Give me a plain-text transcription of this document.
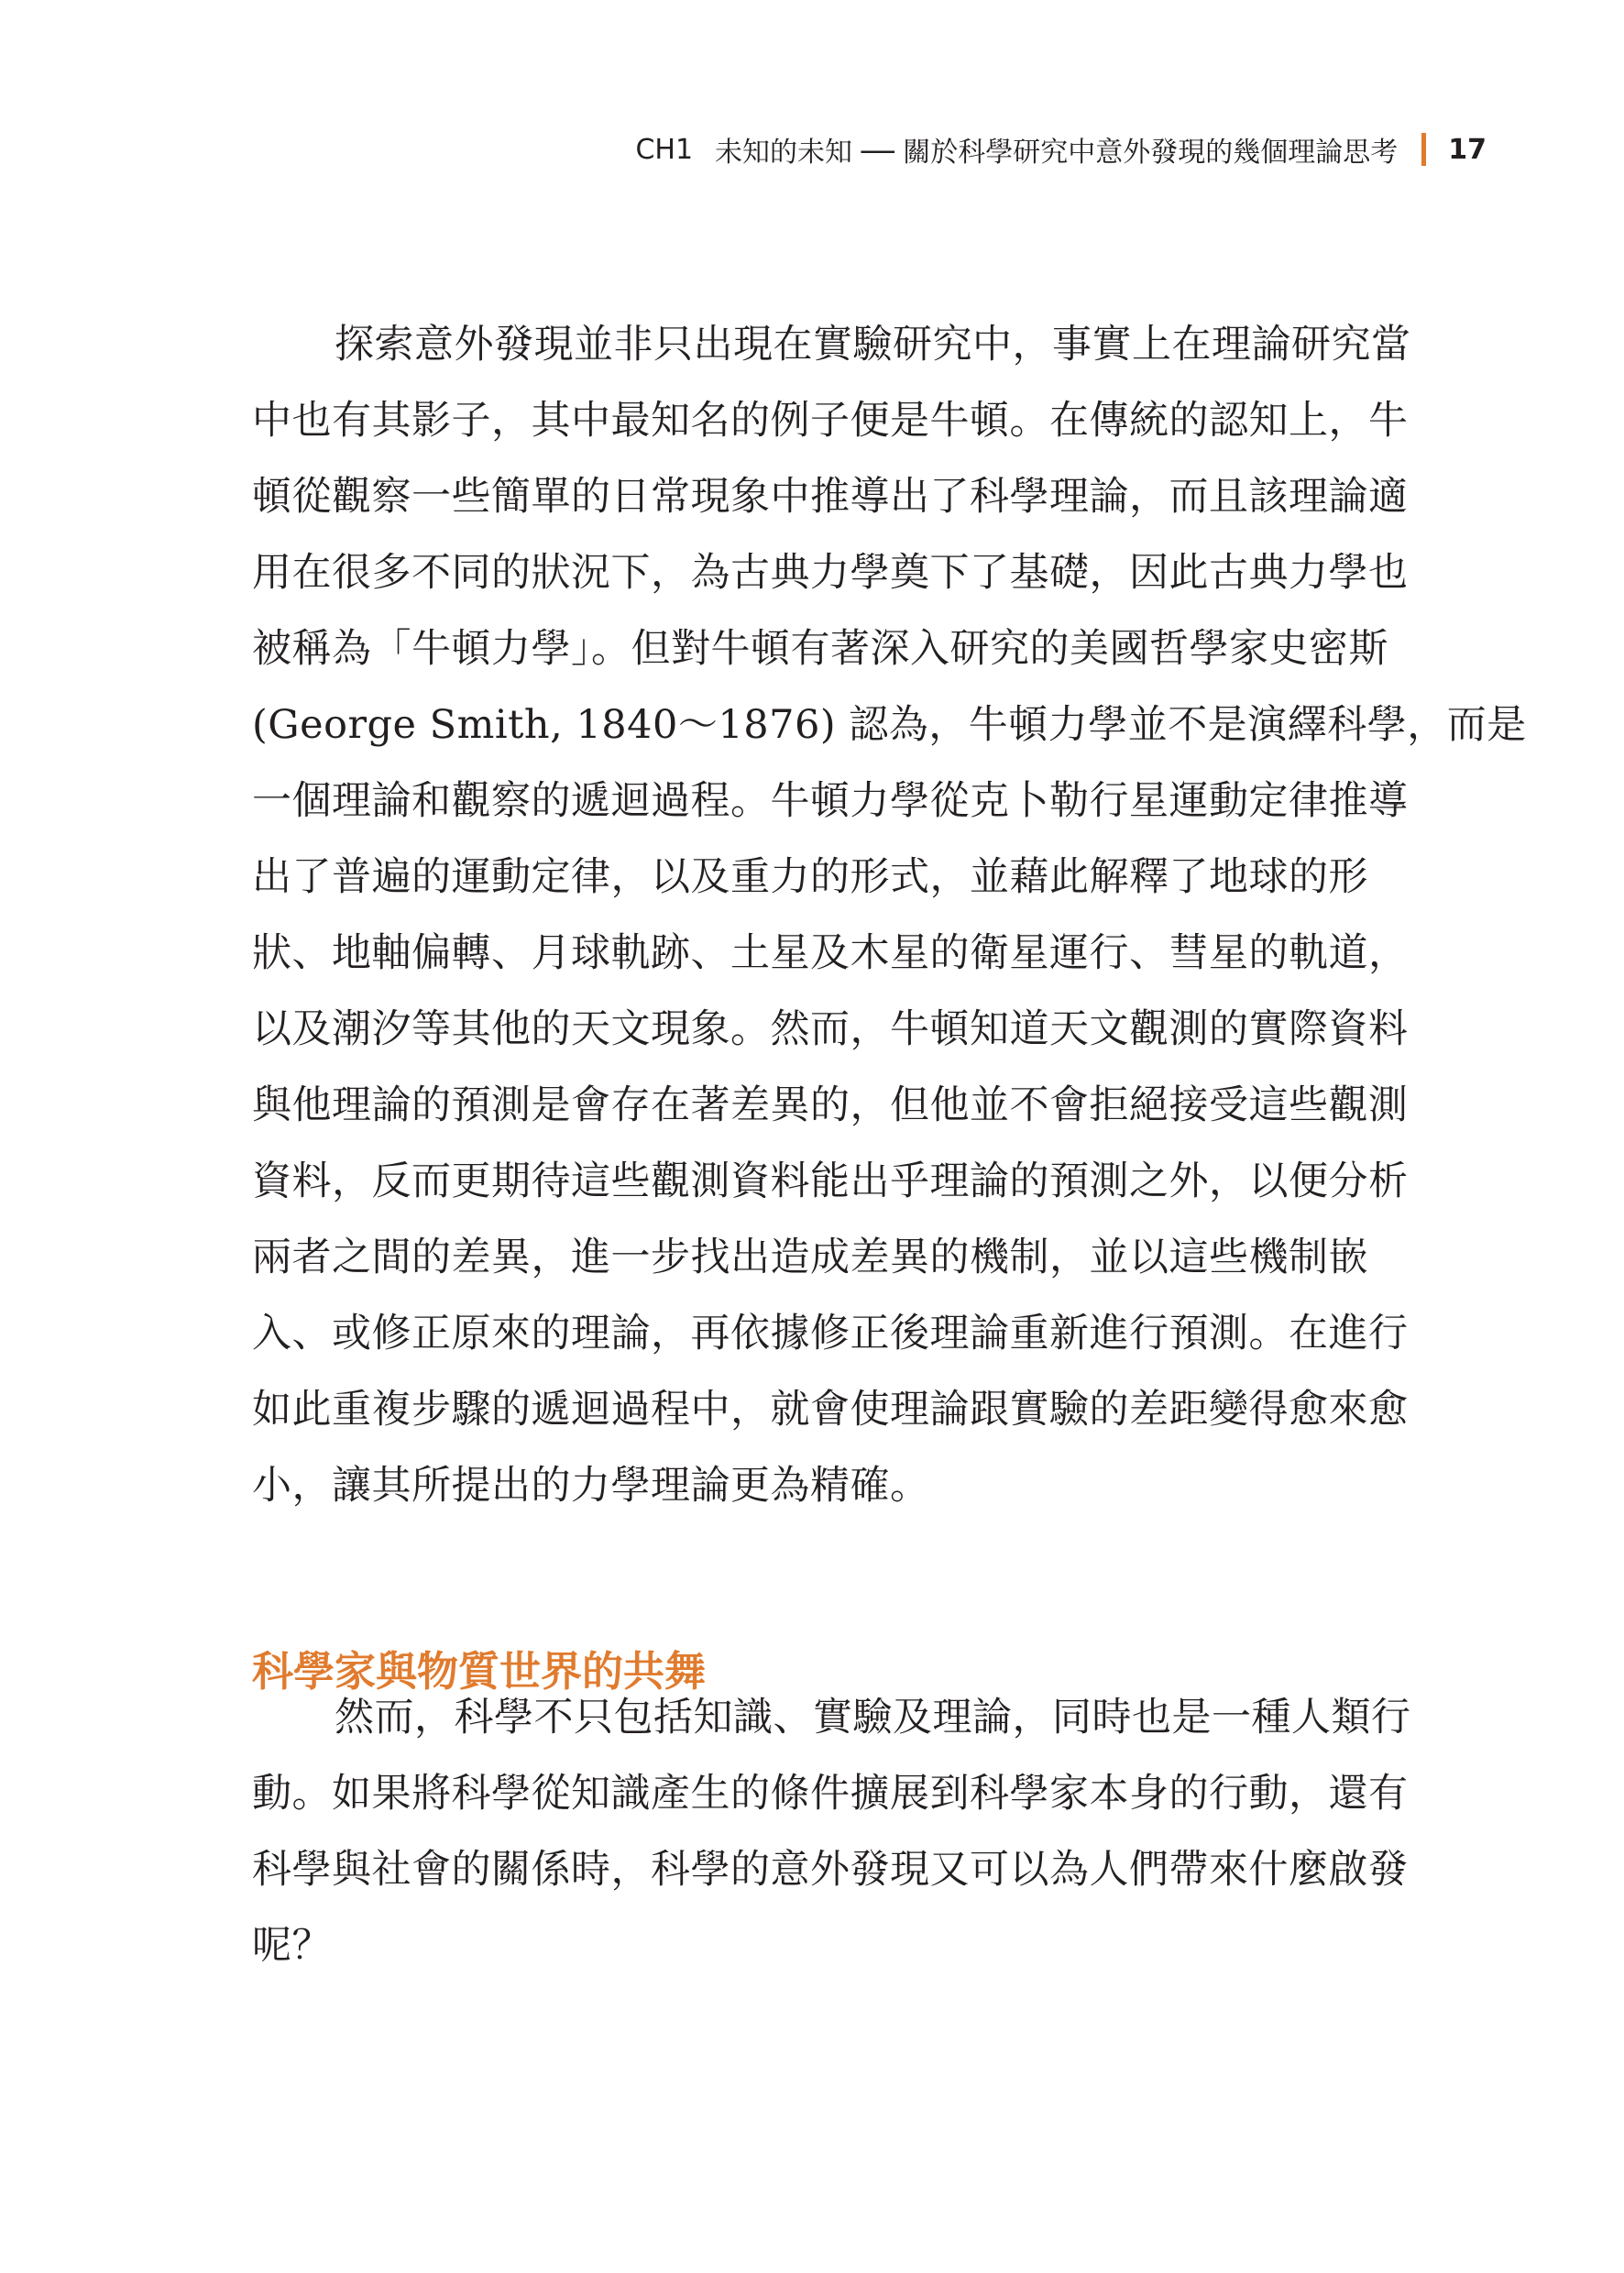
CH1 未知的未知 ── 關於科學研究中意外發現的幾個理論思考 17
探索意外發現並非只出現在實驗研究中，事實上在理論研究當
中也有其影子，其中最知名的例子便是牛頓。在傳統的認知上，牛
頓從觀察一些簡單的日常現象中推導出了科學理論，而且該理論適
用在很多不同的狀況下，為古典力學奠下了基礎，因此古典力學也
被稱為「牛頓力學」。但對牛頓有著深入研究的美國哲學家史密斯
(George Smith, 1840～1876) 認為，牛頓力學並不是演繹科學，而是
一個理論和觀察的遞迴過程。牛頓力學從克卜勒行星運動定律推導
出了普遍的運動定律，以及重力的形式，並藉此解釋了地球的形
狀、地軸偏轉、月球軌跡、土星及木星的衛星運行、彗星的軌道，
以及潮汐等其他的天文現象。然而，牛頓知道天文觀測的實際資料
與他理論的預測是會存在著差異的，但他並不會拒絕接受這些觀測
資料，反而更期待這些觀測資料能出乎理論的預測之外，以便分析
兩者之間的差異，進一步找出造成差異的機制，並以這些機制嵌
入、或修正原來的理論，再依據修正後理論重新進行預測。在進行
如此重複步驟的遞迴過程中，就會使理論跟實驗的差距變得愈來愈
小，讓其所提出的力學理論更為精確。
科學家與物質世界的共舞
然而，科學不只包括知識、實驗及理論，同時也是一種人類行
動。如果將科學從知識產生的條件擴展到科學家本身的行動，還有
科學與社會的關係時，科學的意外發現又可以為人們帶來什麼啟發
呢？
